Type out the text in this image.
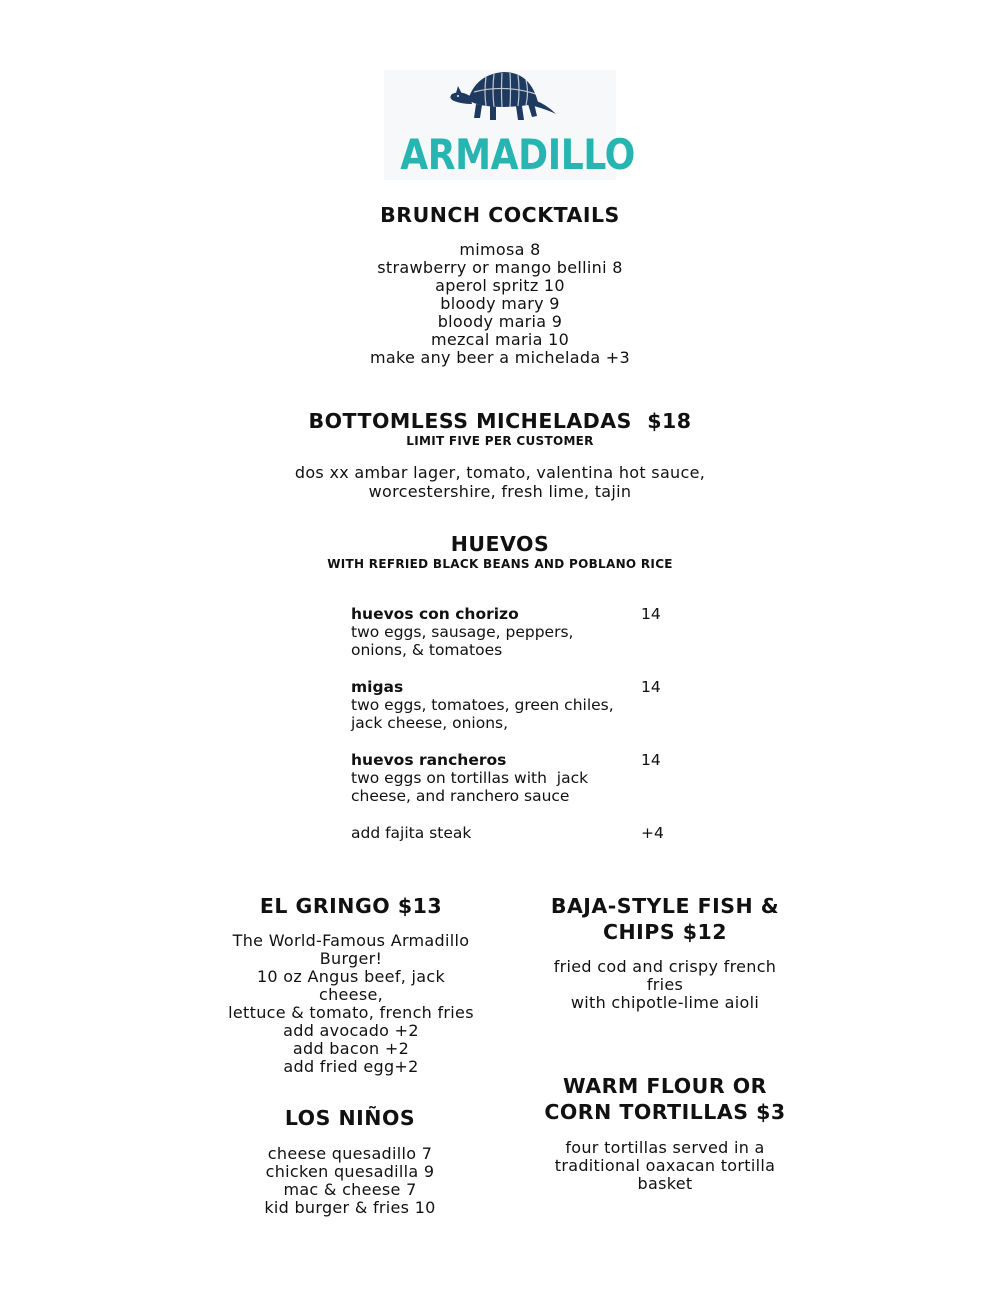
ARMADILLO
BRUNCH COCKTAILS
mimosa 8
strawberry or mango bellini 8
aperol spritz 10
bloody mary 9
bloody maria 9
mezcal maria 10
make any beer a michelada +3
BOTTOMLESS MICHELADAS  $18
LIMIT FIVE PER CUSTOMER
dos xx ambar lager, tomato, valentina hot sauce,
worcestershire, fresh lime, tajin
HUEVOS
WITH REFRIED BLACK BEANS AND POBLANO RICE
huevos con chorizo
two eggs, sausage, peppers,
onions, & tomatoes
14
migas
two eggs, tomatoes, green chiles,
jack cheese, onions,
14
huevos rancheros
two eggs on tortillas with  jack
cheese, and ranchero sauce
14
add fajita steak	+4
EL GRINGO $13
The World-Famous Armadillo
Burger!
10 oz Angus beef, jack
cheese,
lettuce & tomato, french fries
add avocado +2
add bacon +2
add fried egg+2
LOS NIÑOS
cheese quesadillo 7
chicken quesadilla 9
mac & cheese 7
kid burger & fries 10
BAJA-STYLE FISH &
CHIPS $12
fried cod and crispy french
fries
with chipotle-lime aioli
WARM FLOUR OR
CORN TORTILLAS $3
four tortillas served in a
traditional oaxacan tortilla
basket
